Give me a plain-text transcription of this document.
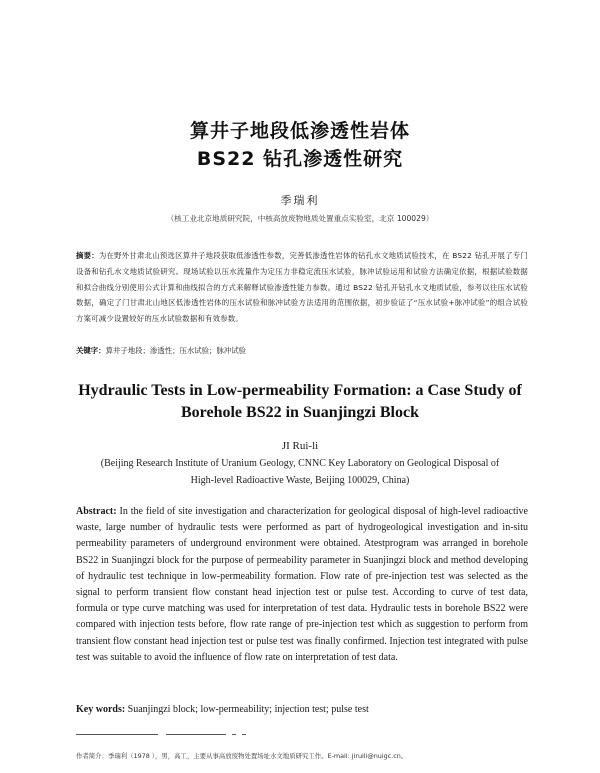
算井子地段低渗透性岩体
BS22 钻孔渗透性研究
季瑞利
（核工业北京地质研究院，中核高放废物地质处置重点实验室，北京 100029）
摘要：为在野外甘肃北山预选区算井子地段获取低渗透性参数，完善低渗透性岩体的钻孔水文地质试验技术，在 BS22 钻孔开展了专门设备和钻孔水文地质试验研究。现场试验以压水流量作为定压力非稳定流压水试验，脉冲试验运用和试验方法确定依据，根据试验数据和拟合曲线分别使用公式计算和曲线拟合的方式来解释试验渗透性能力参数。通过 BS22 钻孔开钻孔水文地质试验，参考以往压水试验数据，确定了门甘肃北山地区低渗透性岩体的压水试验和脉冲试验方法适用的范围依据，初步验证了“压水试验+脉冲试验”的组合试验方案可减少设置较好的压水试验数据和有效参数。
关键字：算井子地段；渗透性；压水试验；脉冲试验
Hydraulic Tests in Low-permeability Formation: a Case Study of
Borehole BS22 in Suanjingzi Block
JI Rui-li
(Beijing Research Institute of Uranium Geology, CNNC Key Laboratory on Geological Disposal of
High-level Radioactive Waste, Beijing 100029, China)
Abstract: In the field of site investigation and characterization for geological disposal of high-level radioactive waste, large number of hydraulic tests were performed as part of hydrogeological investigation and in-situ permeability parameters of underground environment were obtained. Atestprogram was arranged in borehole BS22 in Suanjingzi block for the purpose of permeability parameter in Suanjingzi block and method developing of hydraulic test technique in low-permeability formation. Flow rate of pre-injection test was selected as the signal to perform transient flow constant head injection test or pulse test. According to curve of test data, formula or type curve matching was used for interpretation of test data. Hydraulic tests in borehole BS22 were compared with injection tests before, flow rate range of pre-injection test which as suggestion to perform from transient flow constant head injection test or pulse test was finally confirmed. Injection test integrated with pulse test was suitable to avoid the influence of flow rate on interpretation of test data.
Key words: Suanjingzi block; low-permeability; injection test; pulse test
作者简介：季瑞利（1978 ），男，高工，主要从事高放废物处置场址水文地质研究工作。E-mail: jiruili@nuigc.cn。
